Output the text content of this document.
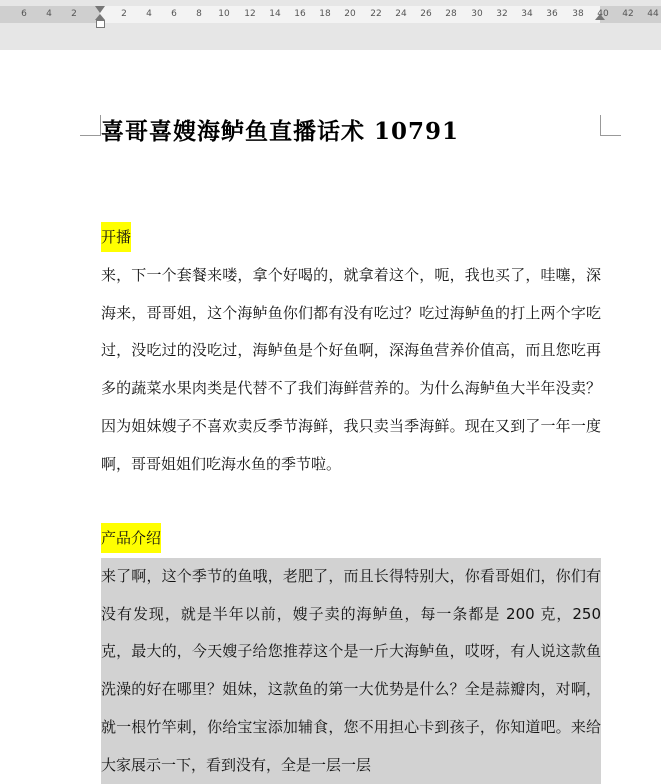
6 4 2	2 4 6 8 10 12 14 16 18 20 22 24 26 28 30 32 34 36 38 40 42 44
喜哥喜嫂海鲈鱼直播话术 10791
开播
来，下一个套餐来喽，拿个好喝的，就拿着这个，呃，我也买了，哇噻，深海来，哥哥姐，这个海鲈鱼你们都有没有吃过？吃过海鲈鱼的打上两个字吃过，没吃过的没吃过，海鲈鱼是个好鱼啊，深海鱼营养价值高，而且您吃再多的蔬菜水果肉类是代替不了我们海鲜营养的。为什么海鲈鱼大半年没卖？因为姐妹嫂子不喜欢卖反季节海鲜，我只卖当季海鲜。现在又到了一年一度啊，哥哥姐姐们吃海水鱼的季节啦。
产品介绍
来了啊，这个季节的鱼哦，老肥了，而且长得特别大，你看哥姐们，你们有没有发现，就是半年以前，嫂子卖的海鲈鱼，每一条都是 200 克，250 克，最大的，今天嫂子给您推荐这个是一斤大海鲈鱼，哎呀，有人说这款鱼洗澡的好在哪里？姐妹，这款鱼的第一大优势是什么？全是蒜瓣肉，对啊，就一根竹竿刺，你给宝宝添加辅食，您不用担心卡到孩子，你知道吧。来给大家展示一下，看到没有，全是一层一层
